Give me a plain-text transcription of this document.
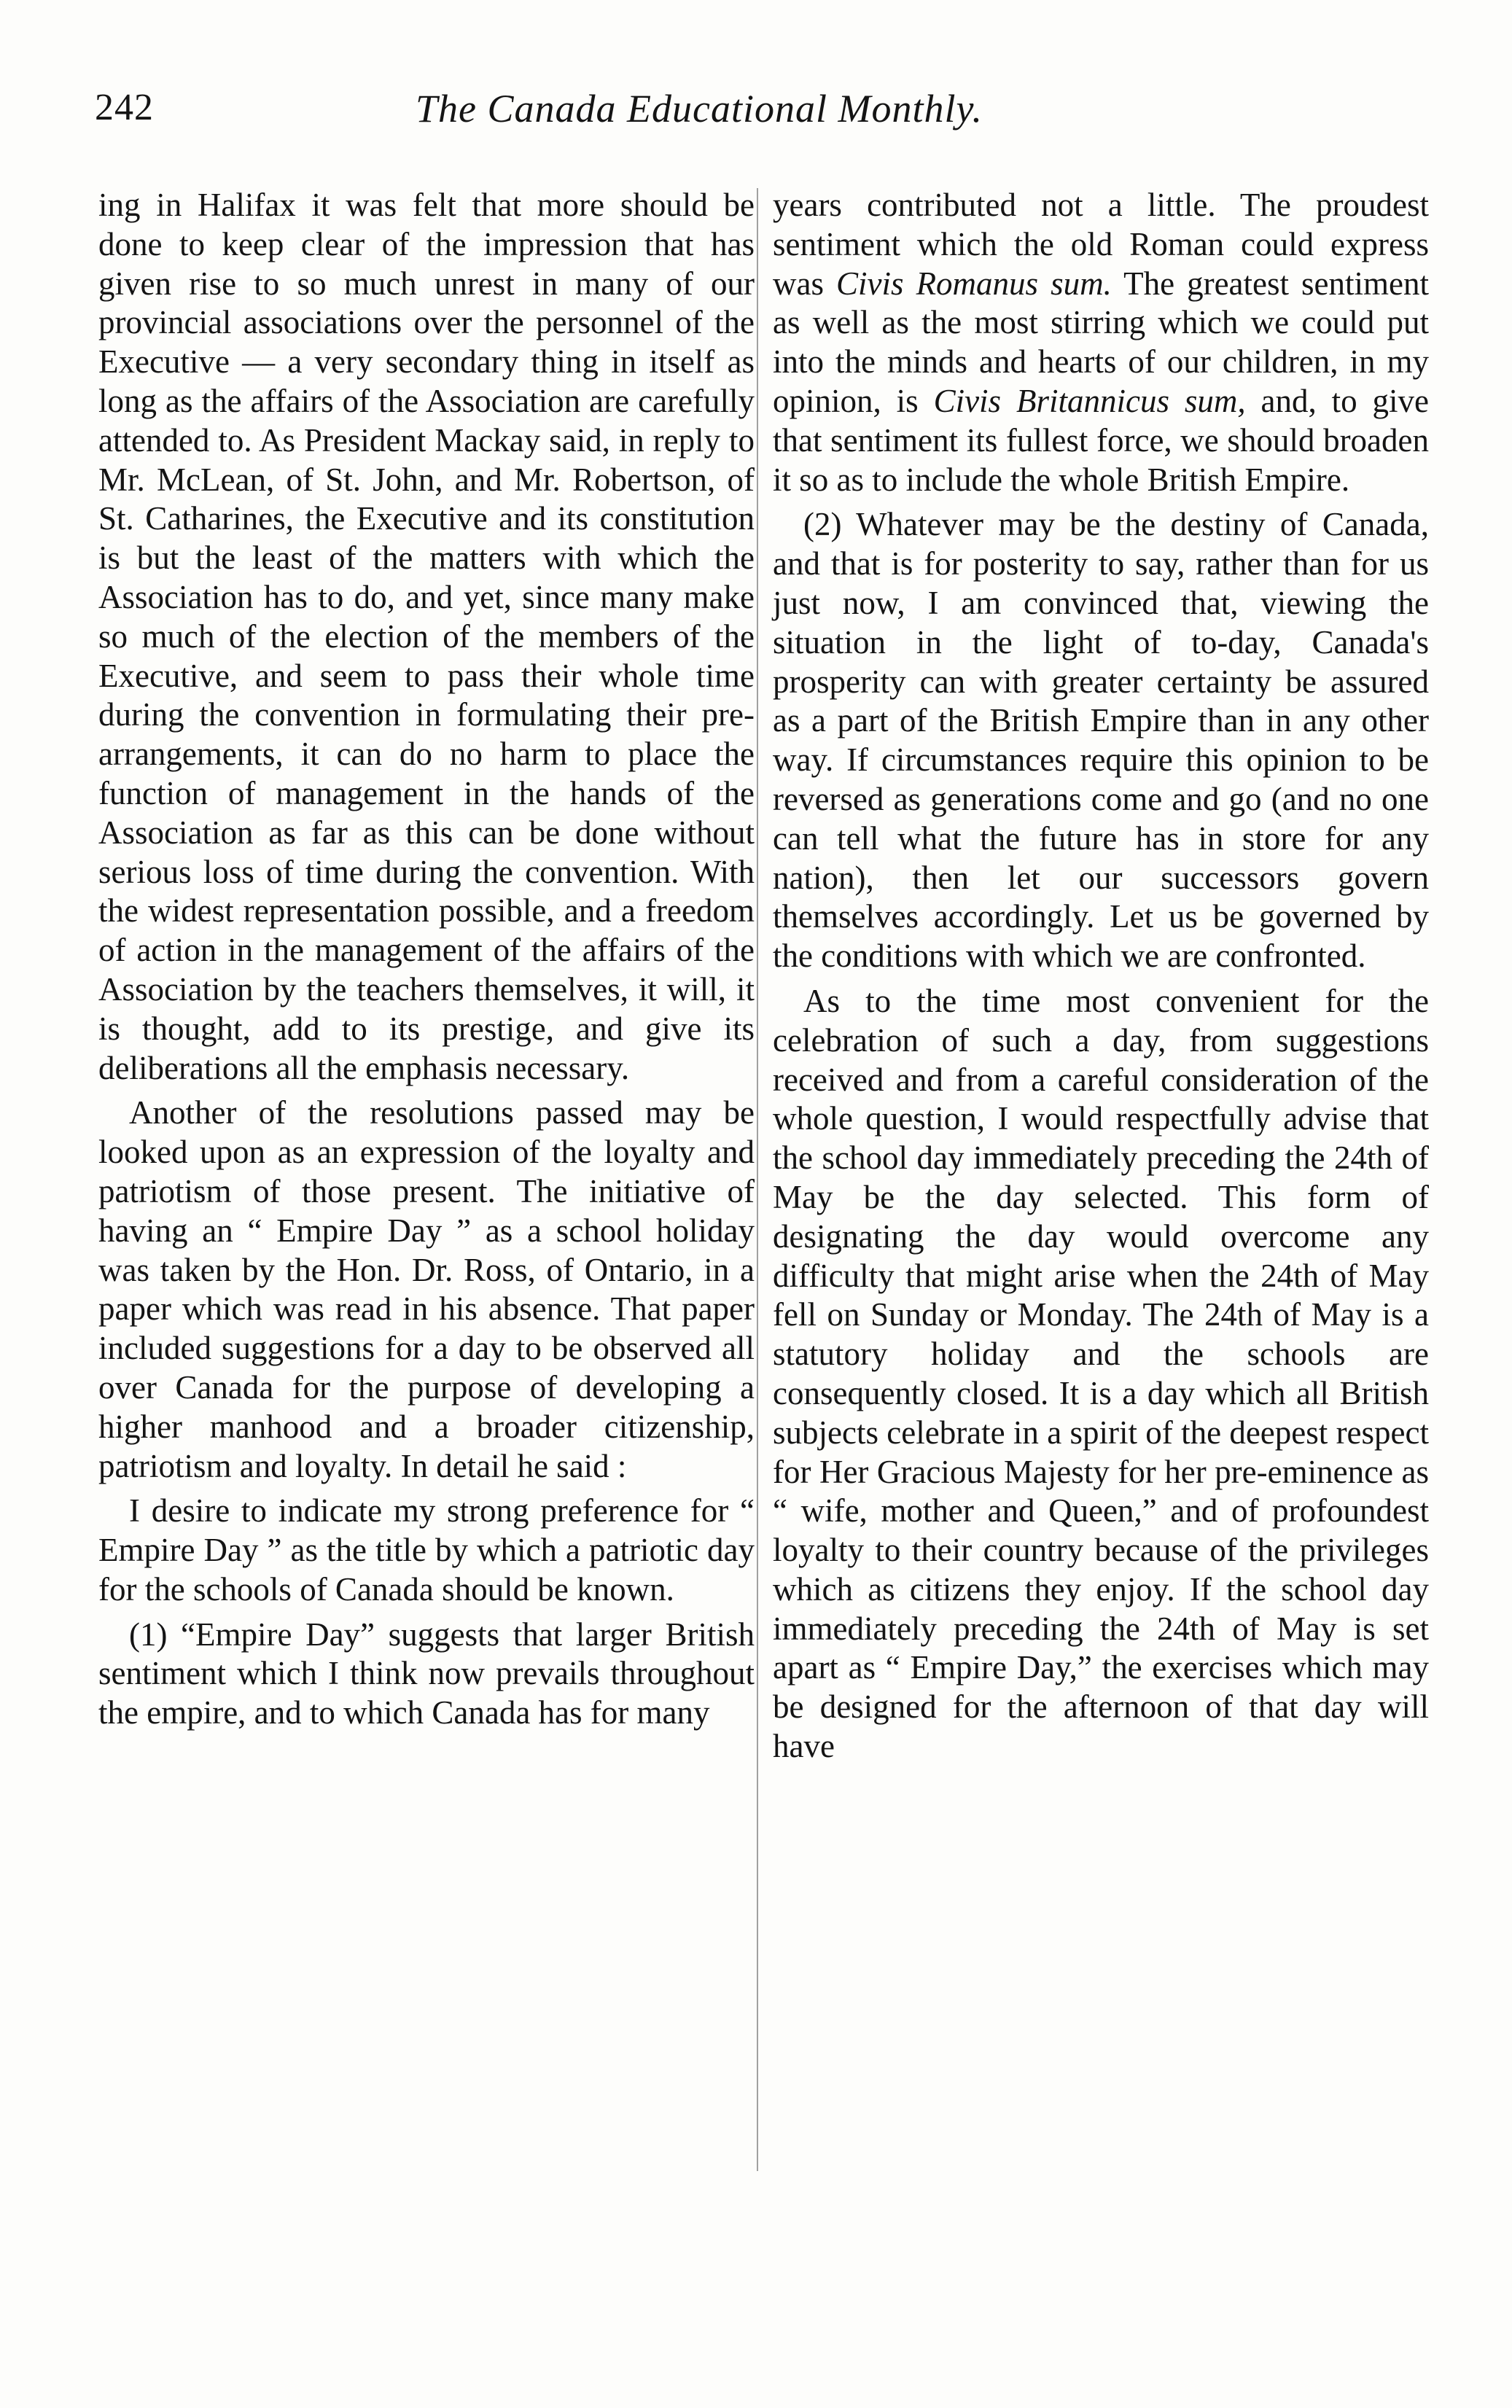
242	The Canada Educational Monthly.

ing in Halifax it was felt that more should be done to keep clear of the impression that has given rise to so much unrest in many of our provincial associations over the personnel of the Executive — a very secondary thing in itself as long as the affairs of the Association are carefully attended to. As President Mackay said, in reply to Mr. McLean, of St. John, and Mr. Robertson, of St. Catharines, the Executive and its constitution is but the least of the matters with which the Association has to do, and yet, since many make so much of the election of the members of the Executive, and seem to pass their whole time during the convention in formulating their pre-arrangements, it can do no harm to place the function of management in the hands of the Association as far as this can be done without serious loss of time during the convention. With the widest representation possible, and a freedom of action in the management of the affairs of the Association by the teachers themselves, it will, it is thought, add to its prestige, and give its deliberations all the emphasis necessary.

Another of the resolutions passed may be looked upon as an expression of the loyalty and patriotism of those present. The initiative of having an “ Empire Day ” as a school holiday was taken by the Hon. Dr. Ross, of Ontario, in a paper which was read in his absence. That paper included suggestions for a day to be observed all over Canada for the purpose of developing a higher manhood and a broader citizenship, patriotism and loyalty. In detail he said :

I desire to indicate my strong preference for “ Empire Day ” as the title by which a patriotic day for the schools of Canada should be known.

(1) “Empire Day” suggests that larger British sentiment which I think now prevails throughout the empire, and to which Canada has for many

years contributed not a little. The proudest sentiment which the old Roman could express was Civis Romanus sum. The greatest sentiment as well as the most stirring which we could put into the minds and hearts of our children, in my opinion, is Civis Britannicus sum, and, to give that sentiment its fullest force, we should broaden it so as to include the whole British Empire.

(2) Whatever may be the destiny of Canada, and that is for posterity to say, rather than for us just now, I am convinced that, viewing the situation in the light of to-day, Canada's prosperity can with greater certainty be assured as a part of the British Empire than in any other way. If circumstances require this opinion to be reversed as generations come and go (and no one can tell what the future has in store for any nation), then let our successors govern themselves accordingly. Let us be governed by the conditions with which we are confronted.

As to the time most convenient for the celebration of such a day, from suggestions received and from a careful consideration of the whole question, I would respectfully advise that the school day immediately preceding the 24th of May be the day selected. This form of designating the day would overcome any difficulty that might arise when the 24th of May fell on Sunday or Monday. The 24th of May is a statutory holiday and the schools are consequently closed. It is a day which all British subjects celebrate in a spirit of the deepest respect for Her Gracious Majesty for her pre-eminence as “ wife, mother and Queen,” and of profoundest loyalty to their country because of the privileges which as citizens they enjoy. If the school day immediately preceding the 24th of May is set apart as “ Empire Day,” the exercises which may be designed for the afternoon of that day will have
